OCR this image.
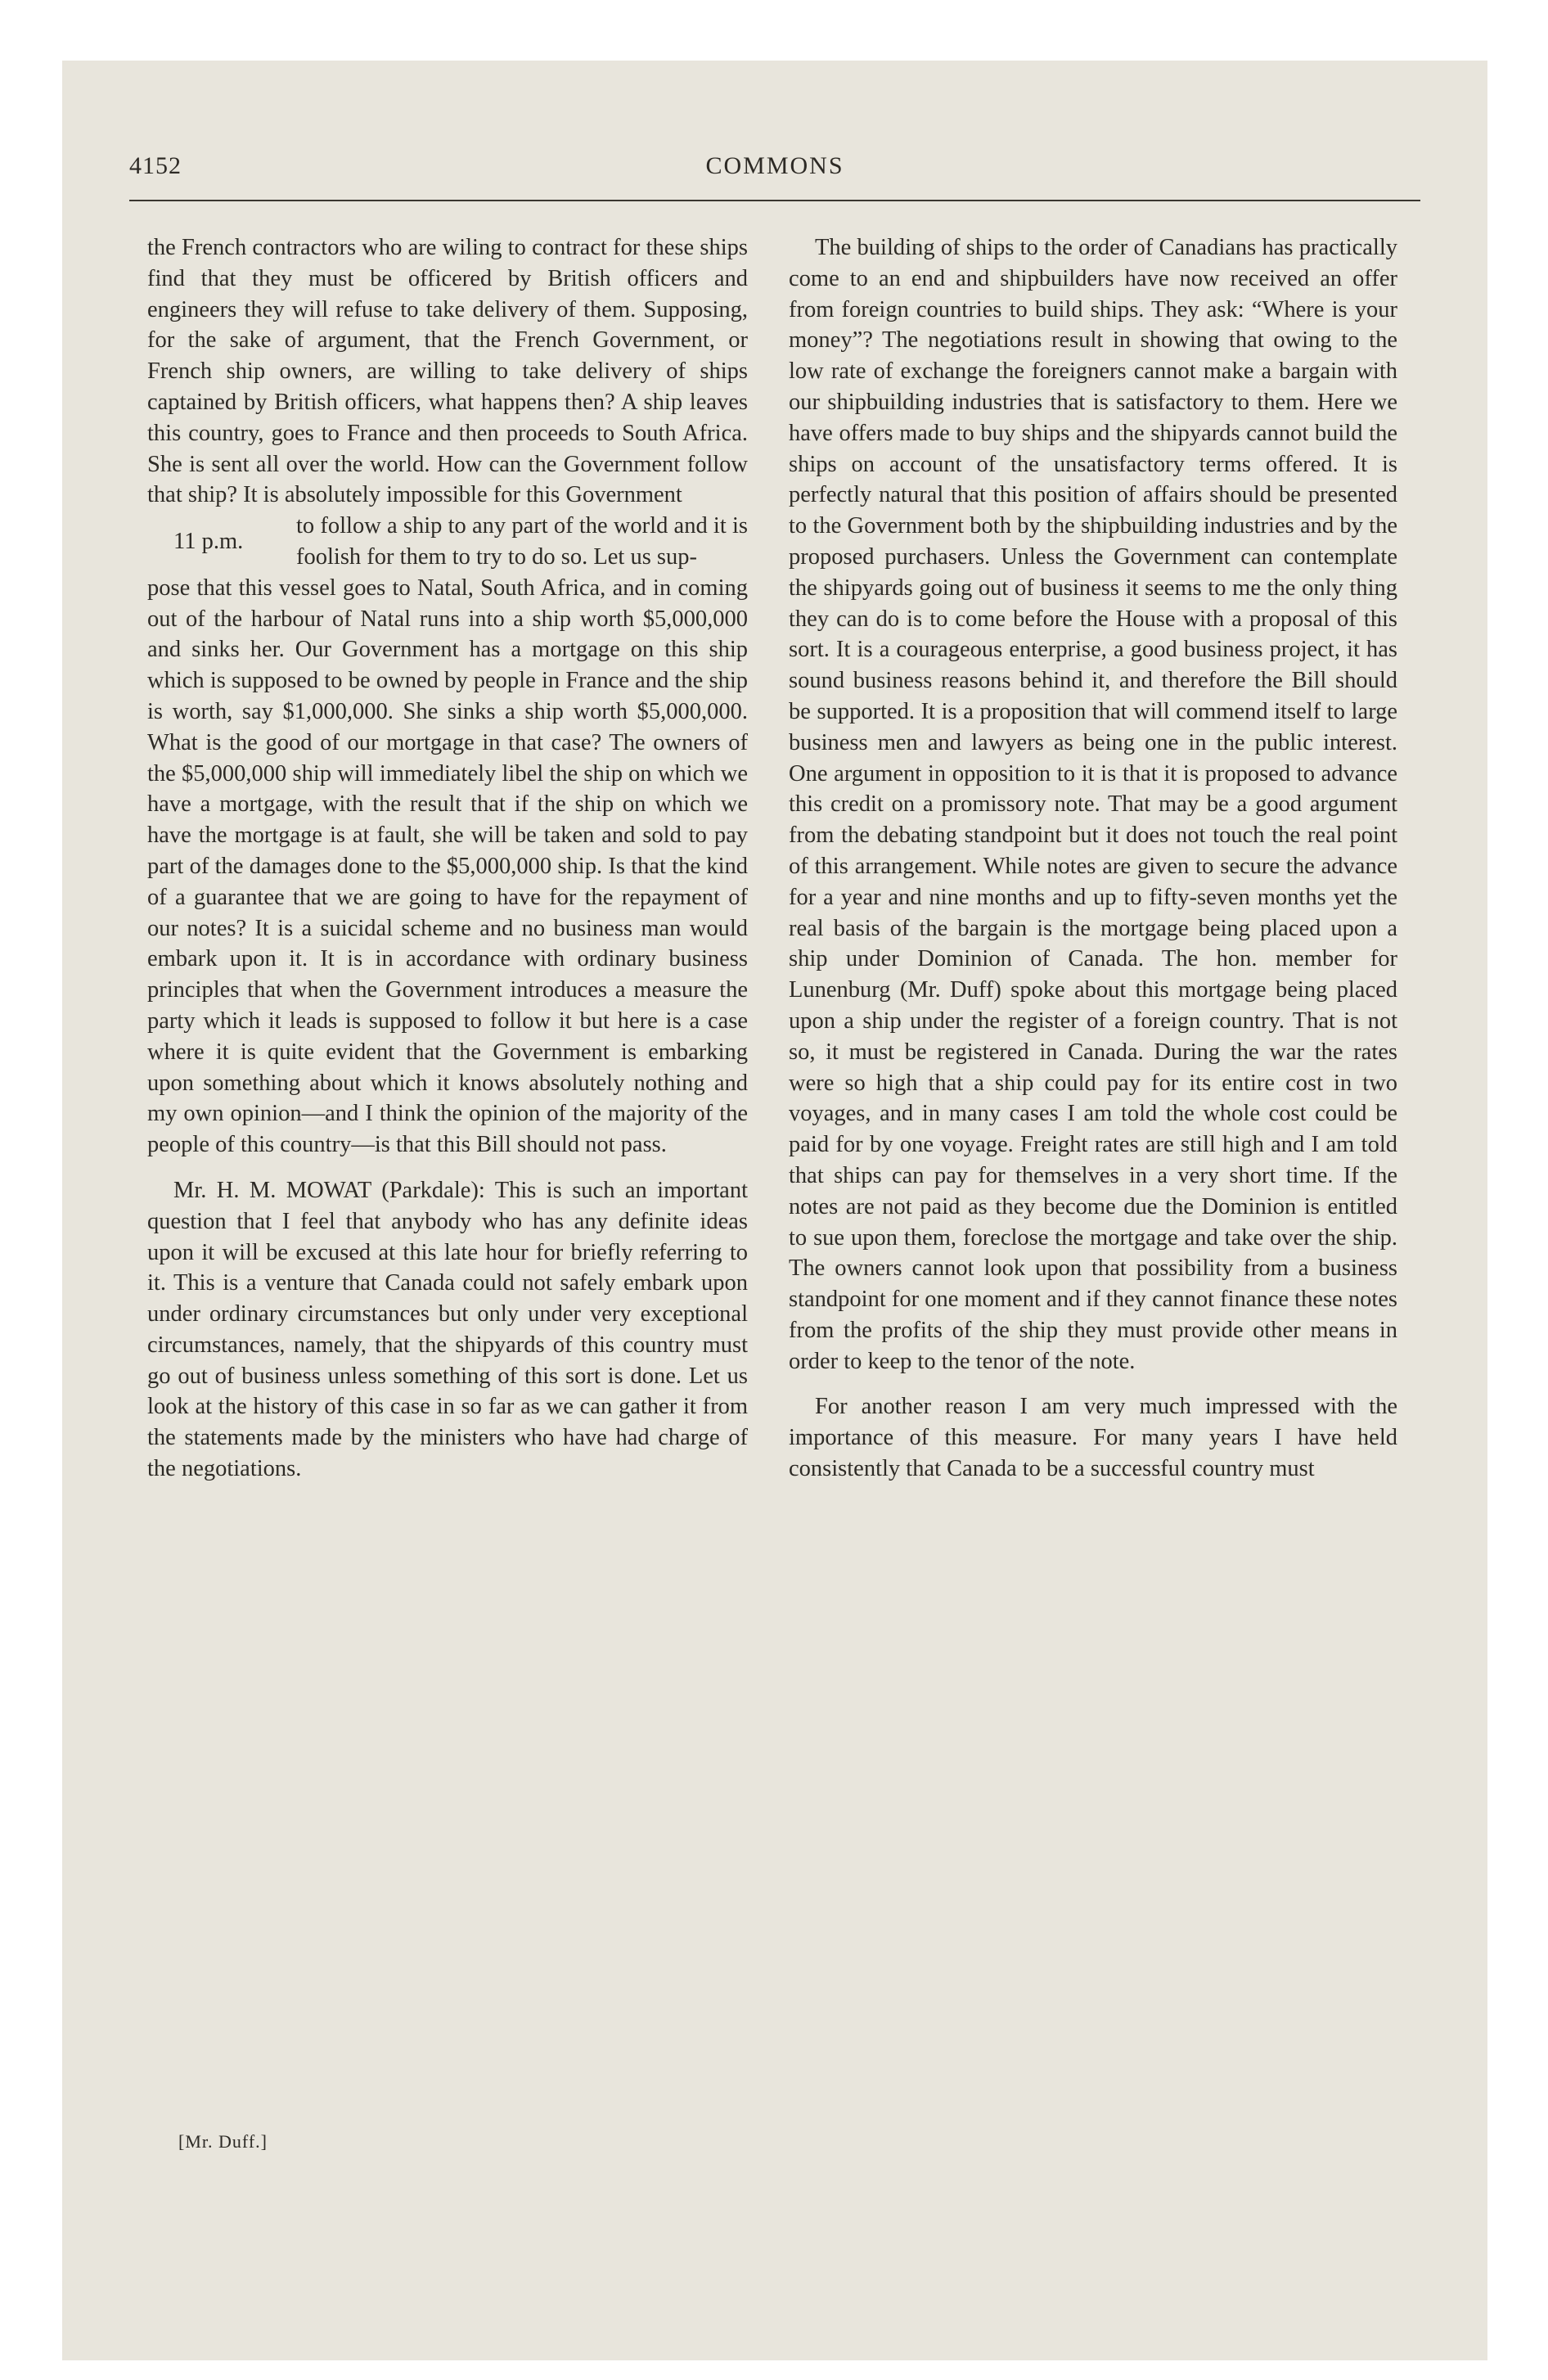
4152	COMMONS

the French contractors who are wiling to contract for these ships find that they must be officered by British officers and engineers they will refuse to take delivery of them. Supposing, for the sake of argument, that the French Government, or French ship owners, are willing to take delivery of ships captained by British officers, what happens then? A ship leaves this country, goes to France and then proceeds to South Africa. She is sent all over the world. How can the Government follow that ship? It is absolutely impossible for this Government

11 p.m.
to follow a ship to any part of the world and it is foolish for them to try to do so. Let us sup-

pose that this vessel goes to Natal, South Africa, and in coming out of the harbour of Natal runs into a ship worth $5,000,000 and sinks her. Our Government has a mortgage on this ship which is supposed to be owned by people in France and the ship is worth, say $1,000,000. She sinks a ship worth $5,000,000. What is the good of our mortgage in that case? The owners of the $5,000,000 ship will immediately libel the ship on which we have a mortgage, with the result that if the ship on which we have the mortgage is at fault, she will be taken and sold to pay part of the damages done to the $5,000,000 ship. Is that the kind of a guarantee that we are going to have for the repayment of our notes? It is a suicidal scheme and no business man would embark upon it. It is in accordance with ordinary business principles that when the Government introduces a measure the party which it leads is supposed to follow it but here is a case where it is quite evident that the Government is embarking upon something about which it knows absolutely nothing and my own opinion—and I think the opinion of the majority of the people of this country—is that this Bill should not pass.

Mr. H. M. MOWAT (Parkdale): This is such an important question that I feel that anybody who has any definite ideas upon it will be excused at this late hour for briefly referring to it. This is a venture that Canada could not safely embark upon under ordinary circumstances but only under very exceptional circumstances, namely, that the shipyards of this country must go out of business unless something of this sort is done. Let us look at the history of this case in so far as we can gather it from the statements made by the ministers who have had charge of the negotiations.

The building of ships to the order of Canadians has practically come to an end and shipbuilders have now received an offer from foreign countries to build ships. They ask: “Where is your money”? The negotiations result in showing that owing to the low rate of exchange the foreigners cannot make a bargain with our shipbuilding industries that is satisfactory to them. Here we have offers made to buy ships and the shipyards cannot build the ships on account of the unsatisfactory terms offered. It is perfectly natural that this position of affairs should be presented to the Government both by the shipbuilding industries and by the proposed purchasers. Unless the Government can contemplate the shipyards going out of business it seems to me the only thing they can do is to come before the House with a proposal of this sort. It is a courageous enterprise, a good business project, it has sound business reasons behind it, and therefore the Bill should be supported. It is a proposition that will commend itself to large business men and lawyers as being one in the public interest. One argument in opposition to it is that it is proposed to advance this credit on a promissory note. That may be a good argument from the debating standpoint but it does not touch the real point of this arrangement. While notes are given to secure the advance for a year and nine months and up to fifty-seven months yet the real basis of the bargain is the mortgage being placed upon a ship under Dominion of Canada. The hon. member for Lunenburg (Mr. Duff) spoke about this mortgage being placed upon a ship under the register of a foreign country. That is not so, it must be registered in Canada. During the war the rates were so high that a ship could pay for its entire cost in two voyages, and in many cases I am told the whole cost could be paid for by one voyage. Freight rates are still high and I am told that ships can pay for themselves in a very short time. If the notes are not paid as they become due the Dominion is entitled to sue upon them, foreclose the mortgage and take over the ship. The owners cannot look upon that possibility from a business standpoint for one moment and if they cannot finance these notes from the profits of the ship they must provide other means in order to keep to the tenor of the note.

For another reason I am very much impressed with the importance of this measure. For many years I have held consistently that Canada to be a successful country must

[Mr. Duff.]
